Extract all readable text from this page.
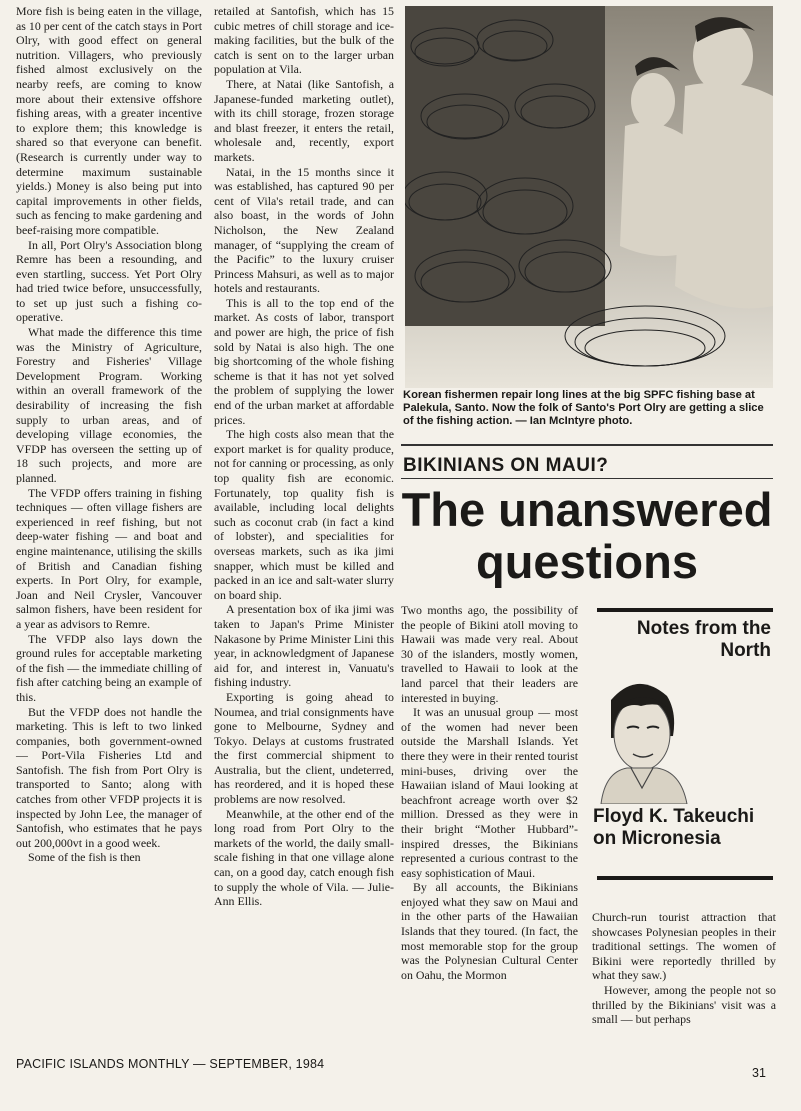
More fish is being eaten in the village, as 10 per cent of the catch stays in Port Olry, with good effect on general nutrition. Villagers, who previously fished almost exclusively on the nearby reefs, are coming to know more about their extensive offshore fishing areas, with a greater incentive to explore them; this knowledge is shared so that everyone can benefit. (Research is currently under way to determine maximum sustainable yields.) Money is also being put into capital improvements in other fields, such as fencing to make gardening and beef-raising more compatible.

In all, Port Olry's Association blong Remre has been a resounding, and even startling, success. Yet Port Olry had tried twice before, unsuccessfully, to set up just such a fishing co-operative.

What made the difference this time was the Ministry of Agriculture, Forestry and Fisheries' Village Development Program. Working within an overall framework of the desirability of increasing the fish supply to urban areas, and of developing village economies, the VFDP has overseen the setting up of 18 such projects, and more are planned.

The VFDP offers training in fishing techniques — often village fishers are experienced in reef fishing, but not deep-water fishing — and boat and engine maintenance, utilising the skills of British and Canadian fishing experts. In Port Olry, for example, Joan and Neil Crysler, Vancouver salmon fishers, have been resident for a year as advisors to Remre.

The VFDP also lays down the ground rules for acceptable marketing of the fish — the immediate chilling of fish after catching being an example of this.

But the VFDP does not handle the marketing. This is left to two linked companies, both government-owned — Port-Vila Fisheries Ltd and Santofish. The fish from Port Olry is transported to Santo; along with catches from other VFDP projects it is inspected by John Lee, the manager of Santofish, who estimates that he pays out 200,000vt in a good week.

Some of the fish is then

retailed at Santofish, which has 15 cubic metres of chill storage and ice-making facilities, but the bulk of the catch is sent on to the larger urban population at Vila.

There, at Natai (like Santofish, a Japanese-funded marketing outlet), with its chill storage, frozen storage and blast freezer, it enters the retail, wholesale and, recently, export markets.

Natai, in the 15 months since it was established, has captured 90 per cent of Vila's retail trade, and can also boast, in the words of John Nicholson, the New Zealand manager, of “supplying the cream of the Pacific” to the luxury cruiser Princess Mahsuri, as well as to major hotels and restaurants.

This is all to the top end of the market. As costs of labor, transport and power are high, the price of fish sold by Natai is also high. The one big shortcoming of the whole fishing scheme is that it has not yet solved the problem of supplying the lower end of the urban market at affordable prices.

The high costs also mean that the export market is for quality produce, not for canning or processing, as only top quality fish are economic. Fortunately, top quality fish is available, including local delights such as coconut crab (in fact a kind of lobster), and specialities for overseas markets, such as ika jimi snapper, which must be killed and packed in an ice and salt-water slurry on board ship.

A presentation box of ika jimi was taken to Japan's Prime Minister Nakasone by Prime Minister Lini this year, in acknowledgment of Japanese aid for, and interest in, Vanuatu's fishing industry.

Exporting is going ahead to Noumea, and trial consignments have gone to Melbourne, Sydney and Tokyo. Delays at customs frustrated the first commercial shipment to Australia, but the client, undeterred, has reordered, and it is hoped these problems are now resolved.

Meanwhile, at the other end of the long road from Port Olry to the markets of the world, the daily small-scale fishing in that one village alone can, on a good day, catch enough fish to supply the whole of Vila. — Julie-Ann Ellis.

Korean fishermen repair long lines at the big SPFC fishing base at Palekula, Santo. Now the folk of Santo's Port Olry are getting a slice of the fishing action. — Ian McIntyre photo.
BIKINIANS ON MAUI?
The unanswered questions

Two months ago, the possibility of the people of Bikini atoll moving to Hawaii was made very real. About 30 of the islanders, mostly women, travelled to Hawaii to look at the land parcel that their leaders are interested in buying.

It was an unusual group — most of the women had never been outside the Marshall Islands. Yet there they were in their rented tourist mini-buses, driving over the Hawaiian island of Maui looking at beachfront acreage worth over $2 million. Dressed as they were in their bright “Mother Hubbard”-inspired dresses, the Bikinians represented a curious contrast to the easy sophistication of Maui.

By all accounts, the Bikinians enjoyed what they saw on Maui and in the other parts of the Hawaiian Islands that they toured. (In fact, the most memorable stop for the group was the Polynesian Cultural Center on Oahu, the Mormon

Notes from the North
Floyd K. Takeuchi on Micronesia

Church-run tourist attraction that showcases Polynesian peoples in their traditional settings. The women of Bikini were reportedly thrilled by what they saw.)

However, among the people not so thrilled by the Bikinians' visit was a small — but perhaps

PACIFIC ISLANDS MONTHLY — SEPTEMBER, 1984
31
